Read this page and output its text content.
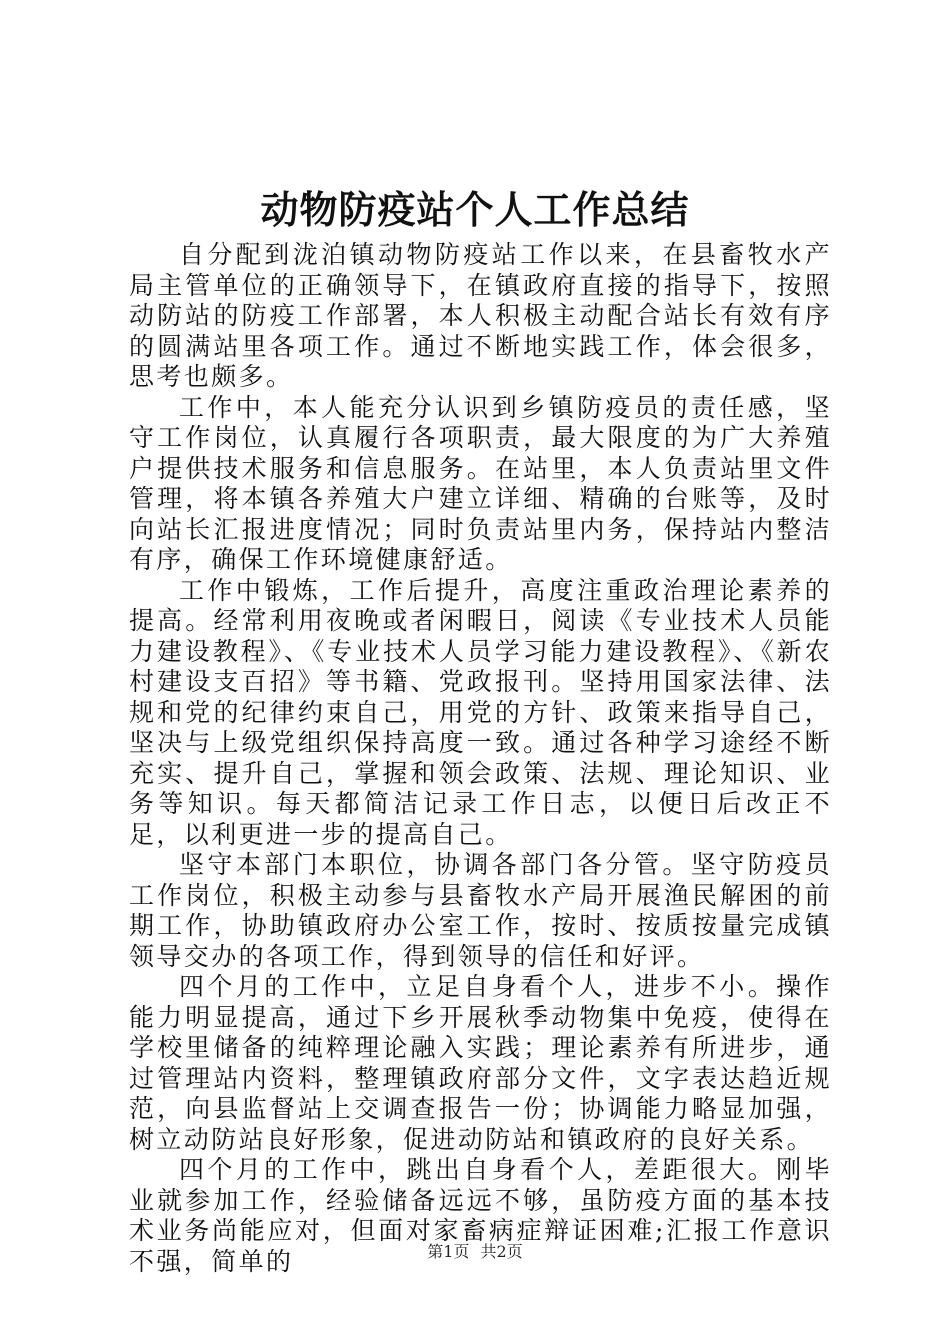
动物防疫站个人工作总结

自分配到泷泊镇动物防疫站工作以来，在县畜牧水产局主管单位的正确领导下，在镇政府直接的指导下，按照动防站的防疫工作部署，本人积极主动配合站长有效有序的圆满站里各项工作。通过不断地实践工作，体会很多，思考也颇多。

工作中，本人能充分认识到乡镇防疫员的责任感，坚守工作岗位，认真履行各项职责，最大限度的为广大养殖户提供技术服务和信息服务。在站里，本人负责站里文件管理，将本镇各养殖大户建立详细、精确的台账等，及时向站长汇报进度情况；同时负责站里内务，保持站内整洁有序，确保工作环境健康舒适。

工作中锻炼，工作后提升，高度注重政治理论素养的提高。经常利用夜晚或者闲暇日，阅读《专业技术人员能力建设教程》、《专业技术人员学习能力建设教程》、《新农村建设支百招》等书籍、党政报刊。坚持用国家法律、法规和党的纪律约束自己，用党的方针、政策来指导自己，坚决与上级党组织保持高度一致。通过各种学习途经不断充实、提升自己，掌握和领会政策、法规、理论知识、业务等知识。每天都简洁记录工作日志，以便日后改正不足，以利更进一步的提高自己。

坚守本部门本职位，协调各部门各分管。坚守防疫员工作岗位，积极主动参与县畜牧水产局开展渔民解困的前期工作，协助镇政府办公室工作，按时、按质按量完成镇领导交办的各项工作，得到领导的信任和好评。

四个月的工作中，立足自身看个人，进步不小。操作能力明显提高，通过下乡开展秋季动物集中免疫，使得在学校里储备的纯粹理论融入实践；理论素养有所进步，通过管理站内资料，整理镇政府部分文件，文字表达趋近规范，向县监督站上交调查报告一份；协调能力略显加强，树立动防站良好形象，促进动防站和镇政府的良好关系。

四个月的工作中，跳出自身看个人，差距很大。刚毕业就参加工作，经验储备远远不够，虽防疫方面的基本技术业务尚能应对，但面对家畜病症辩证困难;汇报工作意识不强，简单的	第1页 共2页
